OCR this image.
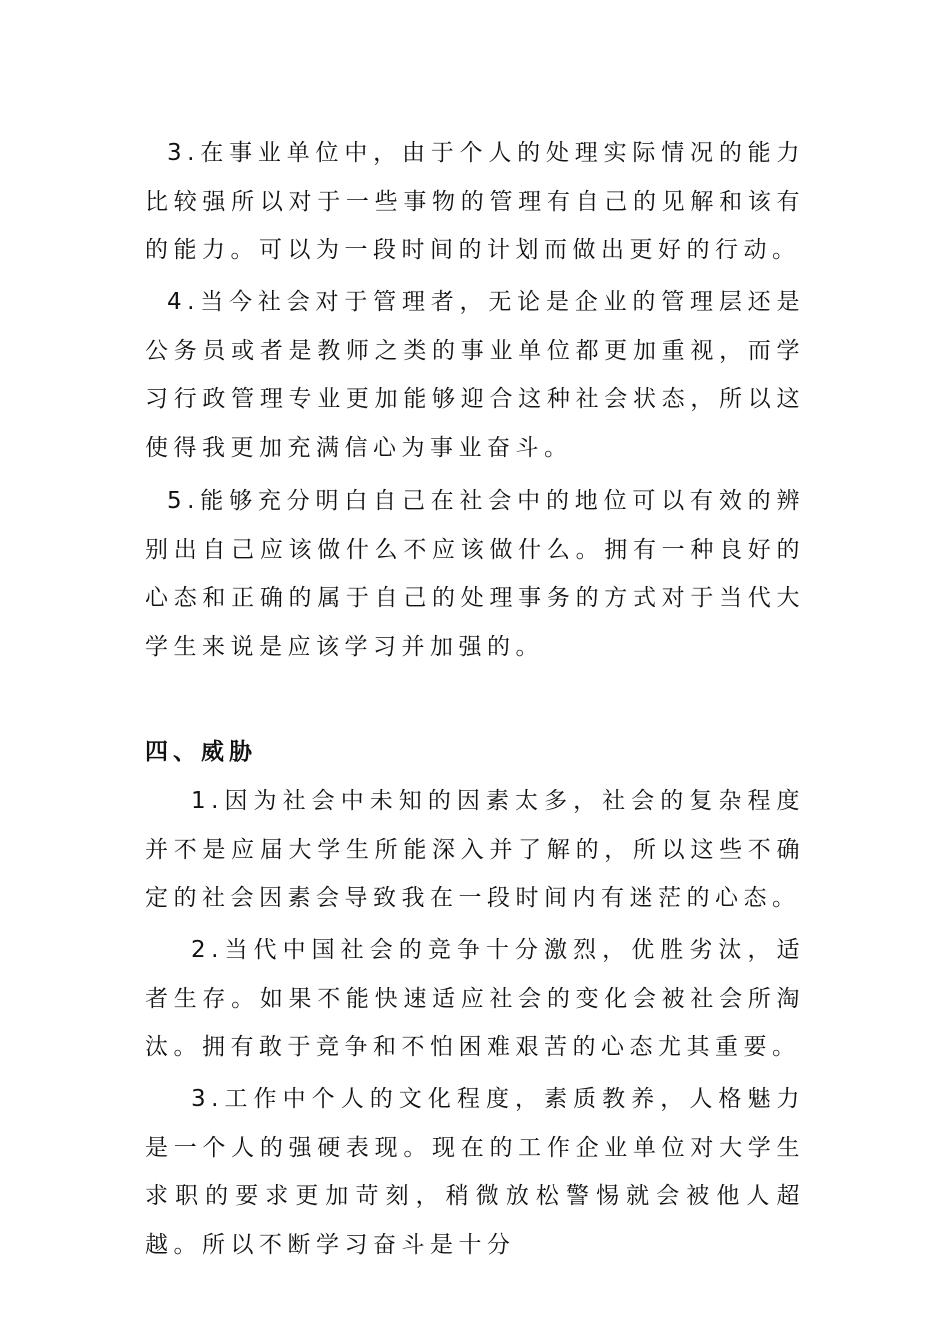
3.在事业单位中，由于个人的处理实际情况的能力比较强所以对于一些事物的管理有自己的见解和该有的能力。可以为一段时间的计划而做出更好的行动。

4.当今社会对于管理者，无论是企业的管理层还是公务员或者是教师之类的事业单位都更加重视，而学习行政管理专业更加能够迎合这种社会状态，所以这使得我更加充满信心为事业奋斗。

5.能够充分明白自己在社会中的地位可以有效的辨别出自己应该做什么不应该做什么。拥有一种良好的心态和正确的属于自己的处理事务的方式对于当代大学生来说是应该学习并加强的。

四、威胁

1.因为社会中未知的因素太多，社会的复杂程度并不是应届大学生所能深入并了解的，所以这些不确定的社会因素会导致我在一段时间内有迷茫的心态。

2.当代中国社会的竞争十分激烈，优胜劣汰，适者生存。如果不能快速适应社会的变化会被社会所淘汰。拥有敢于竞争和不怕困难艰苦的心态尤其重要。

3.工作中个人的文化程度，素质教养，人格魅力是一个人的强硬表现。现在的工作企业单位对大学生求职的要求更加苛刻，稍微放松警惕就会被他人超越。所以不断学习奋斗是十分
